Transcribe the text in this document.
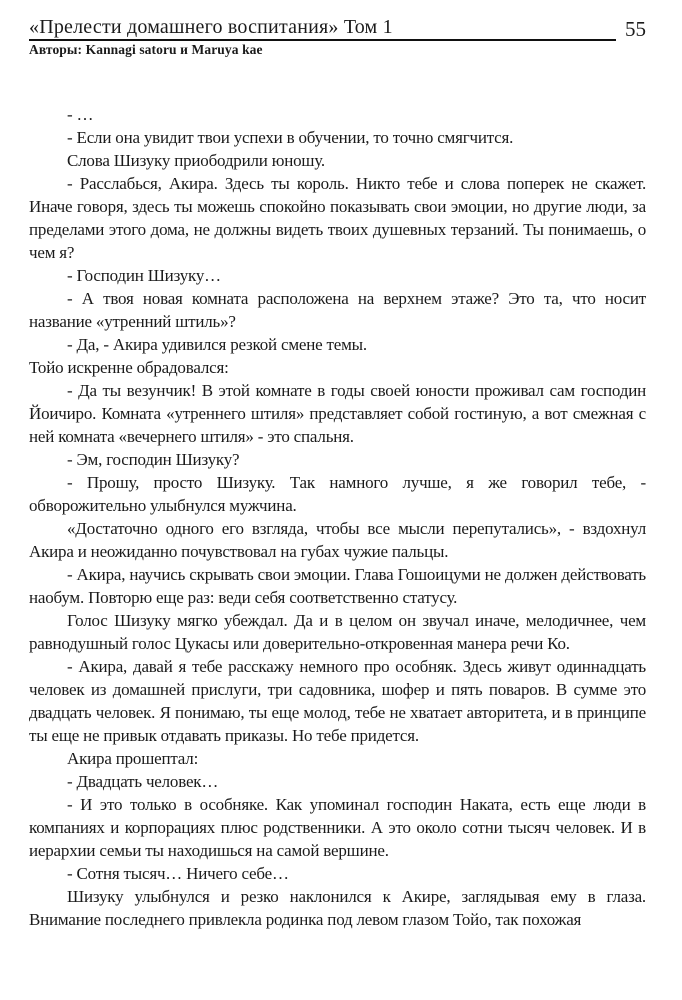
«Прелести домашнего воспитания» Том 1	55
Авторы: Kannagi satoru и Maruya kae

- …

- Если она увидит твои успехи в обучении, то точно смягчится.

Слова Шизуку приободрили юношу.

- Расслабься, Акира. Здесь ты король. Никто тебе и слова поперек не скажет. Иначе говоря, здесь ты можешь спокойно показывать свои эмоции, но другие люди, за пределами этого дома, не должны видеть твоих душевных терзаний. Ты понимаешь, о чем я?

- Господин Шизуку…

- А твоя новая комната расположена на верхнем этаже? Это та, что носит название «утренний штиль»?

- Да, - Акира удивился резкой смене темы.

Тойо искренне обрадовался:

- Да ты везунчик! В этой комнате в годы своей юности проживал сам господин Йоичиро. Комната «утреннего штиля» представляет собой гостиную, а вот смежная с ней комната «вечернего штиля» - это спальня.

- Эм, господин Шизуку?

- Прошу, просто Шизуку. Так намного лучше, я же говорил тебе, - обворожительно улыбнулся мужчина.

«Достаточно одного его взгляда, чтобы все мысли перепутались», - вздохнул Акира и неожиданно почувствовал на губах чужие пальцы.

- Акира, научись скрывать свои эмоции. Глава Гошоицуми не должен действовать наобум. Повторю еще раз: веди себя соответственно статусу.

Голос Шизуку мягко убеждал. Да и в целом он звучал иначе, мелодичнее, чем равнодушный голос Цукасы или доверительно-откровенная манера речи Ко.

- Акира, давай я тебе расскажу немного про особняк. Здесь живут одиннадцать человек из домашней прислуги, три садовника, шофер и пять поваров. В сумме это двадцать человек. Я понимаю, ты еще молод, тебе не хватает авторитета, и в принципе ты еще не привык отдавать приказы. Но тебе придется.

Акира прошептал:

- Двадцать человек…

- И это только в особняке. Как упоминал господин Наката, есть еще люди в компаниях и корпорациях плюс родственники. А это около сотни тысяч человек. И в иерархии семьи ты находишься на самой вершине.

- Сотня тысяч… Ничего себе…

Шизуку улыбнулся и резко наклонился к Акире, заглядывая ему в глаза. Внимание последнего привлекла родинка под левом глазом Тойо, так похожая
